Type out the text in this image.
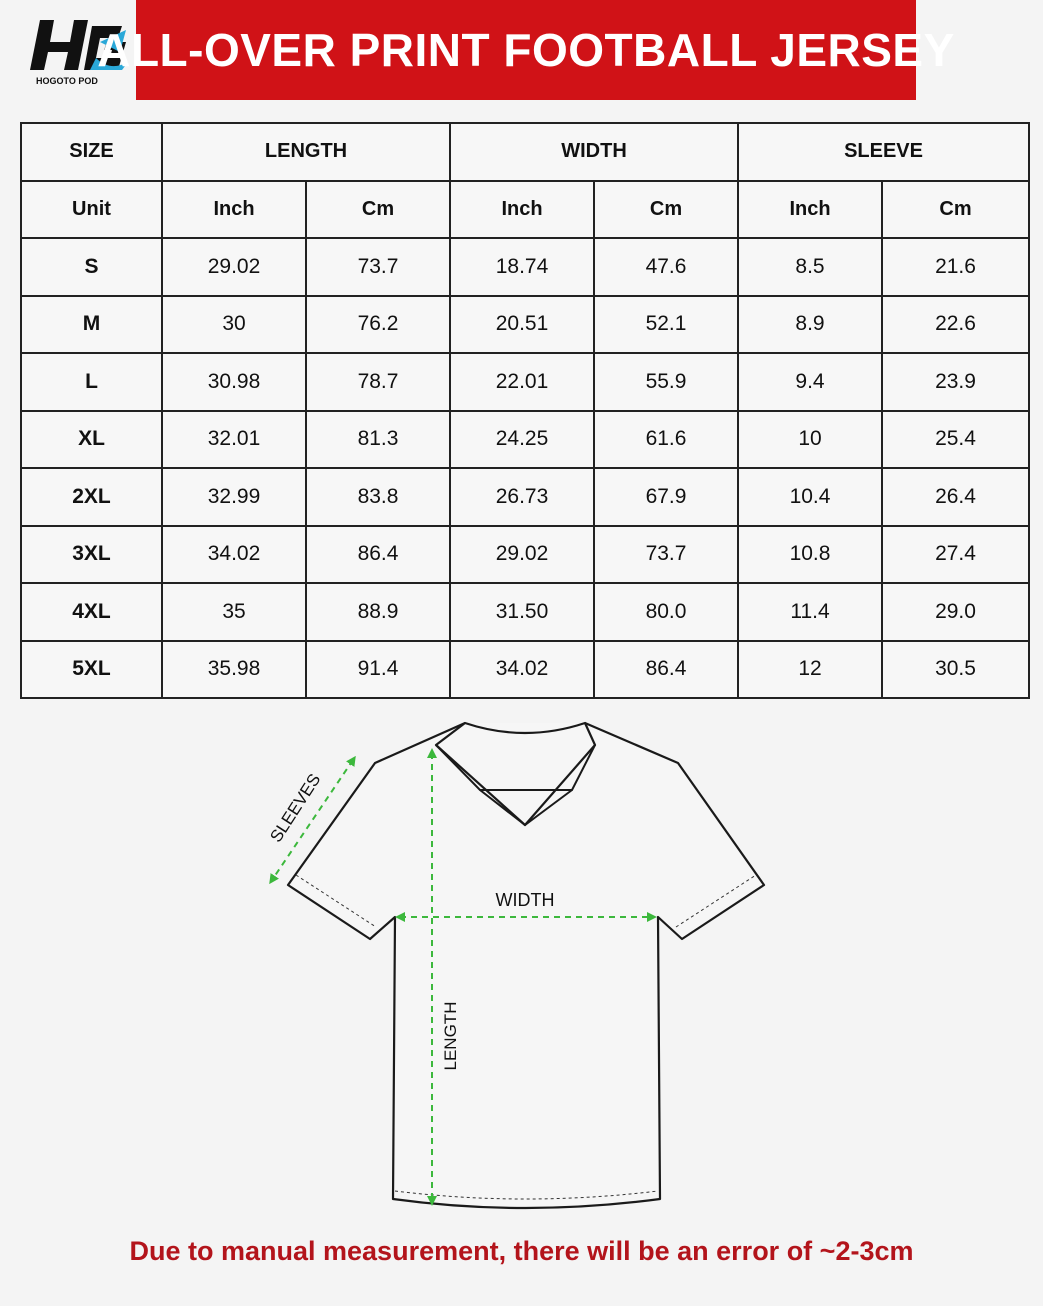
HOGOTO POD
ALL-OVER PRINT FOOTBALL JERSEY
SIZE	LENGTH		WIDTH		SLEEVE	
Unit	Inch	Cm	Inch	Cm	Inch	Cm
S	29.02	73.7	18.74	47.6	8.5	21.6
M	30	76.2	20.51	52.1	8.9	22.6
L	30.98	78.7	22.01	55.9	9.4	23.9
XL	32.01	81.3	24.25	61.6	10	25.4
2XL	32.99	83.8	26.73	67.9	10.4	26.4
3XL	34.02	86.4	29.02	73.7	10.8	27.4
4XL	35	88.9	31.50	80.0	11.4	29.0
5XL	35.98	91.4	34.02	86.4	12	30.5
SLEEVES
WIDTH
LENGTH
Due to manual measurement, there will be an error of ~2-3cm
